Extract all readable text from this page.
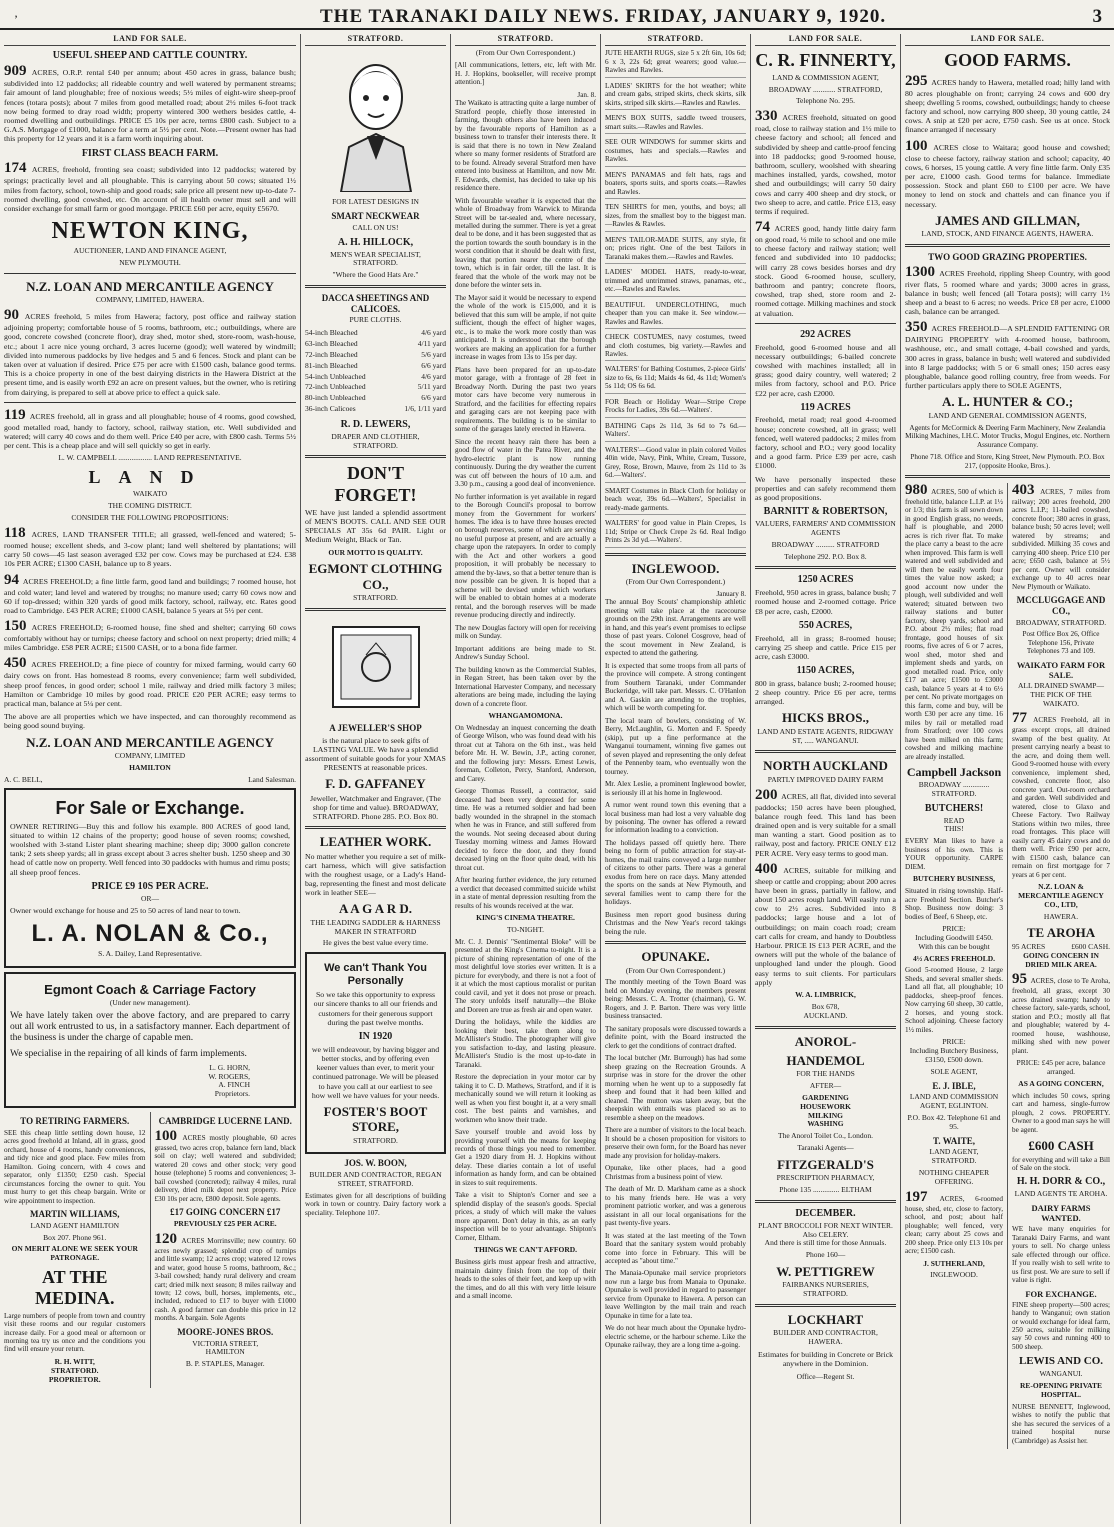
’	THE TARANAKI DAILY NEWS. FRIDAY, JANUARY 9, 1920.	3
LAND FOR SALE.
USEFUL SHEEP AND CATTLE COUNTRY.

909 ACRES, O.R.P. rental £40 per annum; about 450 acres in grass, balance bush; subdivided into 12 paddocks; all rideable country and well watered by permanent streams; fair amount of land ploughable; free of noxious weeds; 5½ miles of eight-wire sheep-proof fences (totara posts); about 7 miles from good metalled road; about 2½ miles 6-foot track now being formed to dray road width; property wintered 300 wethers besides cattle, 4-roomed dwelling and outbuildings. PRICE £5 10s per acre, terms £800 cash. Subject to a G.A.S. Mortgage of £1000, balance for a term at 5½ per cent. Note.—Present owner has had this property for 12 years and it is a farm worth inquiring about.

FIRST CLASS BEACH FARM.

174 ACRES, freehold, fronting sea coast; subdivided into 12 paddocks; watered by springs; practically level and all ploughable. This is carrying about 50 cows; situated 1½ miles from factory, school, town-ship and good roads; sale price all present new up-to-date 7-roomed dwelling, good cowshed, etc. On account of ill health owner must sell and will consider exchange for small farm or good mortgage. PRICE £60 per acre, equity £5670.

NEWTON KING,
AUCTIONEER, LAND AND FINANCE AGENT,
NEW PLYMOUTH.
N.Z. LOAN AND MERCANTILE AGENCY
COMPANY, LIMITED, HAWERA.

90 ACRES freehold, 5 miles from Hawera; factory, post office and railway station adjoining property; comfortable house of 5 rooms, bathroom, etc.; outbuildings, where are good, concrete cowshed (concrete floor), dray shed, motor shed, store-room, wash-house, etc.; about 1 acre nice young orchard, 3 acres lucerne (good); well watered by windmill; divided into numerous paddocks by live hedges and 5 and 6 fences. Stock and plant can be taken over at valuation if desired. Price £75 per acre with £1500 cash, balance good terms. This is a choice property in one of the best dairying districts in the Hawera District at the present time, and is easily worth £92 an acre on present values, but the owner, who is retiring from dairying, is prepared to sell at above price to effect a quick sale.

119 ACRES freehold, all in grass and all ploughable; house of 4 rooms, good cowshed, good metalled road, handy to factory, school, railway station, etc. Well subdivided and watered; will carry 40 cows and do them well. Price £40 per acre, with £800 cash. Terms 5½ per cent. This is a cheap place and will sell quickly so get in early.

L. W. CAMPBELL .................. LAND REPRESENTATIVE.
LAND
WAIKATO
THE COMING DISTRICT.
CONSIDER THE FOLLOWING PROPOSITIONS:

118 ACRES, LAND TRANSFER TITLE; all grassed, well-fenced and watered; 5-roomed house; excellent sheds, and 3-cow plant; land well sheltered by plantations; will carry 50 cows—45 last season averaged £32 per cow. Cows may be purchased at £24. £38 10s PER ACRE; £1300 CASH, balance up to 8 years.

94 ACRES FREEHOLD; a fine little farm, good land and buildings; 7 roomed house, hot and cold water; land level and watered by troughs; no manure used; carry 60 cows now and 60 if top-dressed; within 320 yards of good milk factory, school, railway, etc. Rates good road to Cambridge. £43 PER ACRE; £1000 CASH, balance 5 years at 5½ per cent.

150 ACRES FREEHOLD; 6-roomed house, fine shed and shelter; carrying 60 cows comfortably without hay or turnips; cheese factory and school on next property; dried milk; 4 miles Cambridge. £58 PER ACRE; £1500 CASH, or to a bona fide farmer.

450 ACRES FREEHOLD; a fine piece of country for mixed farming, would carry 60 dairy cows on front. Has homestead 8 rooms, every convenience; farm well subdivided, sheep proof fences, in good order; school 1 mile, railway and dried milk factory 3 miles; Hamilton or Cambridge 10 miles by good road. PRICE £20 PER ACRE; easy terms to practical man, balance at 5¼ per cent.

The above are all properties which we have inspected, and can thoroughly recommend as being good sound buying.

N.Z. LOAN AND MERCANTILE AGENCY
COMPANY, LIMITED
HAMILTON
A. C. BELL,	Land Salesman.
For Sale or Exchange.

OWNER RETIRING—Buy this and follow his example. 800 ACRES of good land, situated to within 12 chains of the property; good house of seven rooms; cowshed, woolshed with 3-stand Lister plant shearing machine; sheep dip; 3000 gallon concrete tank; 2 sets sheep yards; all in grass except about 3 acres shelter bush. 1250 sheep and 30 head of cattle now on property. Well fenced into 30 paddocks with humus and rimu posts; all sheep proof fences.

PRICE £9 10S PER ACRE.
OR—

Owner would exchange for house and 25 to 50 acres of land near to town.

L. A. NOLAN & Co.,
S. A. Dailey, Land Representative.
Egmont Coach & Carriage Factory
(Under new management).

We have lately taken over the above factory, and are prepared to carry out all work entrusted to us, in a satisfactory manner. Each department of the business is under the charge of capable men.

We specialise in the repairing of all kinds of farm implements.

L. G. HORN,
W. ROGERS,
A. FINCH
Proprietors.
TO RETIRING FARMERS.

SEE this cheap little settling down house, 12 acres good freehold at Inland, all in grass, good orchard, house of 4 rooms, handy conveniences, and tidy nice and good place. Few miles from Hamilton. Going concern, with 4 cows and separator, only £1350; £250 cash. Special circumstances forcing the owner to quit. You must hurry to get this cheap bargain. Write or wire appointment to inspection.

MARTIN WILLIAMS,
LAND AGENT HAMILTON
Box 207. Phone 961.
ON MERIT ALONE WE SEEK YOUR PATRONAGE.
AT THE MEDINA.

Large numbers of people from town and country visit these rooms and our regular customers increase daily. For a good meal or afternoon or morning tea try us once and the conditions you find will ensure your return.

R. H. WITT,
STRATFORD.
PROPRIETOR.
CAMBRIDGE LUCERNE LAND.

100 ACRES mostly ploughable, 60 acres grassed, two acres crop, balance fern land, black soil on clay; well watered and subdivided; watered 20 cows and other stock; very good house (telephone) 5 rooms and conveniences; 3-bail cowshed (concreted); railway 4 miles, rural delivery, dried milk depot next property. Price £30 10s per acre, £800 deposit. Sole agents.

£17 GOING CONCERN £17
PREVIOUSLY £25 PER ACRE.

120 ACRES Morrinsville; new country. 60 acres newly grassed; splendid crop of turnips and little swamp; 12 acres crop; watered 12 rows and water, good house 5 rooms, bathroom, &c.; 3-bail cowshed; handy rural delivery and cream cart; dried milk next season; 8 miles railway and town; 12 cows, bull, horses, implements, etc., included, reduced to £17 to buyer with £1000 cash. A good farmer can double this price in 12 months. A bargain. Sole Agents

MOORE-JONES BROS.
VICTORIA STREET,
HAMILTON
B. P. STAPLES, Manager.
STRATFORD.
FOR LATEST DESIGNS IN
SMART NECKWEAR
CALL ON US!
A. H. HILLOCK,
MEN'S WEAR SPECIALIST,
STRATFORD.
"Where the Good Hats Are."
DACCA SHEETINGS AND CALICOES.
PURE CLOTHS.
54-inch Bleached	4/6 yard
63-inch Bleached	4/11 yard
72-inch Bleached	5/6 yard
81-inch Bleached	6/6 yard
54-inch Unbleached	4/6 yard
72-inch Unbleached	5/11 yard
80-inch Unbleached	6/6 yard
36-inch Calicoes	1/6, 1/11 yard
R. D. LEWERS,
DRAPER AND CLOTHIER,
STRATFORD.
DON'T FORGET!

WE have just landed a splendid assortment of MEN'S BOOTS. CALL AND SEE OUR SPECIALS AT 35s 6d PAIR. Light or Medium Weight, Black or Tan.

OUR MOTTO IS QUALITY.
EGMONT CLOTHING CO.,
STRATFORD.
A JEWELLER'S SHOP

is the natural place to seek gifts of LASTING VALUE. We have a splendid assortment of suitable goods for your XMAS PRESENTS at reasonable prices.

F. D. GAFFANEY

Jeweller, Watchmaker and Engraver, (The shop for time and value). BROADWAY, STRATFORD. Phone 285. P.O. Box 80.

LEATHER WORK.

No matter whether you require a set of milk-cart harness, which will give satisfaction with the roughest usage, or a Lady's Hand-bag, representing the finest and most delicate work in leather SEE—

A A G A R D.
THE LEADING SADDLER & HARNESS MAKER IN STRATFORD
He gives the best value every time.
We can't Thank You Personally

So we take this opportunity to express our sincere thanks to all our friends and customers for their generous support during the past twelve months.

IN 1920

we will endeavour, by having bigger and better stocks, and by offering even keener values than ever, to merit your continued patronage. We will be pleased to have you call at our earliest to see how well we have values for your needs.

FOSTER'S BOOT STORE,
STRATFORD.
JOS. W. BOON,
BUILDER AND CONTRACTOR, REGAN STREET, STRATFORD.

Estimates given for all descriptions of building work in town or country. Dairy factory work a speciality. Telephone 107.

STRATFORD.
(From Our Own Correspondent.)

[All communications, letters, etc, left with Mr. H. J. Hopkins, bookseller, will receive prompt attention.]

Jan. 8.

The Waikato is attracting quite a large number of Stratford people, chiefly those interested in farming, though others also have been induced by the favourable reports of Hamilton as a business town to transfer their interests there. It is said that there is no town in New Zealand where so many former residents of Stratford are to be found. Already several Stratford men have entered into business at Hamilton, and now Mr. F. Edwards, chemist, has decided to take up his residence there.

With favourable weather it is expected that the whole of Broadway from Warwick to Miranda Street will be tar-sealed and, where necessary, metalled during the summer. There is yet a great deal to be done, and it has been suggested that as the portion towards the south boundary is in the worst condition that it should be dealt with first, leaving that portion nearer the centre of the town, which is in fair order, till the last. It is feared that the whole of the work may not be done before the winter sets in.

The Mayor said it would be necessary to expend the whole of the work is £15,000, and it is believed that this sum will be ample, if not quite sufficient, though the effect of higher wages, etc., is to make the work more costly than was anticipated. It is understood that the borough workers are making an application for a further increase in wages from 13s to 15s per day.

Plans have been prepared for an up-to-date motor garage, with a frontage of 28 feet in Broadway North. During the past two years motor cars have become very numerous in Stratford, and the facilities for effecting repairs and garaging cars are not keeping pace with requirements. The building is to be similar to some of the garages lately erected in Hawera.

Since the recent heavy rain there has been a good flow of water in the Patea River, and the hydro-electric plant is now running continuously. During the dry weather the current was cut off between the hours of 10 a.m. and 3.30 p.m., causing a good deal of inconvenience.

No further information is yet available in regard to the Borough Council's proposal to borrow money from the Government for workers' homes. The idea is to have three houses erected on borough reserves, some of which are serving no useful purpose at present, and are actually a charge upon the ratepayers. In order to comply with the Act and other workers a good proposition, it will probably be necessary to amend the by-laws, so that a better tenure than is now possible can be given. It is hoped that a scheme will be devised under which workers will be enabled to obtain homes at a moderate rental, and the borough reserves will be made revenue producing directly and indirectly.

The new Douglas factory will open for receiving milk on Sunday.

Important additions are being made to St. Andrew's Sunday School.

The building known as the Commercial Stables, in Regan Street, has been taken over by the International Harvester Company, and necessary alterations are being made, including the laying down of a concrete floor.

WHANGAMOMONA.

On Wednesday an inquest concerning the death of George Wilson, who was found dead with his throat cut at Tahora on the 6th inst., was held before Mr. H. W. Bewin, J.P., acting coroner, and the following jury: Messrs. Ernest Lewis, foreman, Colleton, Percy, Stanford, Anderson, and Carey.

George Thomas Russell, a contractor, said deceased had been very depressed for some time. He was a returned soldier and had been badly wounded in the shrapnel in the stomach when he was in France, and still suffered from the wounds. Not seeing deceased about during Tuesday morning witness and James Howard decided to force the door, and they found deceased lying on the floor quite dead, with his throat cut.

After hearing further evidence, the jury returned a verdict that deceased committed suicide whilst in a state of mental depression resulting from the results of his wounds received at the war.

KING'S CINEMA THEATRE.
TO-NIGHT.

Mr. C. J. Dennis' "Sentimental Bloke" will be presented at the King's Cinema to-night. It is a picture of shining representation of one of the most delightful love stories ever written. It is a picture for everybody, and there is not a foot of it at which the most captious moralist or puritan could cavil, and yet it does not prose or preach. The story unfolds itself naturally—the Bloke and Doreen are true as fresh air and open water.

During the holidays, while the kiddies are looking their best, take them along to McAllister's Studio. The photographer will give you satisfaction to-day, and lasting pleasure. McAllister's Studio is the most up-to-date in Taranaki.

Restore the depreciation in your motor car by taking it to C. D. Mathews, Stratford, and if it is mechanically sound we will return it looking as well as when you first bought it, at a very small cost. The best paints and varnishes, and workmen who know their trade.

Save yourself trouble and avoid loss by providing yourself with the means for keeping records of those things you need to remember. Get a 1920 diary from H. J. Hopkins without delay. These diaries contain a lot of useful information as handy form, and can be obtained in sizes to suit requirements.

Take a visit to Shipton's Corner and see a splendid display of the season's goods. Special prices, a study of which will make the values more apparent. Don't delay in this, as an early inspection will be to your advantage. Shipton's Corner, Eltham.

THINGS WE CAN'T AFFORD.

Business girls must appear fresh and attractive, maintain dainty finish from the top of their heads to the soles of their feet, and keep up with the times, and do all this with very little leisure and a small income.

STRATFORD.

JUTE HEARTH RUGS, size 5 x 2ft 6in, 10s 6d; 6 x 3, 22s 6d; great wearers; good value.—Rawles and Rawles.

LADIES' SKIRTS for the hot weather; white and cream gabs, striped skirts, check skirts, silk skirts, striped silk skirts.—Rawles and Rawles.

MEN'S BOX SUITS, saddle tweed trousers, smart suits.—Rawles and Rawles.

SEE OUR WINDOWS for summer skirts and costumes, hats and specials.—Rawles and Rawles.

MEN'S PANAMAS and felt hats, rags and boaters, sports suits, and sports coats.—Rawles and Rawles.

TEN SHIRTS for men, youths, and boys; all sizes, from the smallest boy to the biggest man.—Rawles & Rawles.

MEN'S TAILOR-MADE SUITS, any style, fit on; prices right. One of the best Tailors in Taranaki makes them.—Rawles and Rawles.

LADIES' MODEL HATS, ready-to-wear, trimmed and untrimmed straws, panamas, etc., etc.—Rawles and Rawles.

BEAUTIFUL UNDERCLOTHING, much cheaper than you can make it. See window.—Rawles and Rawles.

CHECK COSTUMES, navy costumes, tweed and cloth costumes, big variety.—Rawles and Rawles.

WALTERS' for Bathing Costumes, 2-piece Girls' size to 6s, 6s 11d; Maids 4s 6d, 4s 11d; Women's 5s 11d; OS 6s 6d.

FOR Beach or Holiday Wear—Stripe Crepe Frocks for Ladies, 39s 6d.—Walters'.

BATHING Caps 2s 11d, 3s 6d to 7s 6d.—Walters'.

WALTERS'—Good value in plain colored Voiles 40in wide, Navy, Pink, White, Cream, Tussore, Grey, Rose, Brown, Mauve, from 2s 11d to 3s 6d.—Walters'.

SMART Costumes in Black Cloth for holiday or beach wear, 39s 6d.—Walters', Specialist in ready-made garments.

WALTERS' for good value in Plain Crepes, 1s 11d; Stripe or Check Crepe 2s 6d. Real Indigo Prints 2s 3d yd.—Walters'.

INGLEWOOD.
(From Our Own Correspondent.)
January 8.

The annual Boy Scouts' championship athletic meeting will take place at the racecourse grounds on the 29th inst. Arrangements are well in hand, and this year's event promises to eclipse those of past years. Colonel Cosgrove, head of the scout movement in New Zealand, is expected to attend the gathering.

It is expected that some troops from all parts of the province will compete. A strong contingent from Southern Taranaki, under Commander Buckeridge, will take part. Messrs. C. O'Hanlon and A. Gaskin are attending to the trophies, which will be worth competing for.

The local team of bowlers, consisting of W. Berry, McLaughlin, G. Morten and F. Speedy (skip), put up a fine performance at the Wanganui tournament, winning five games out of seven played and representing the only defeat of the Pennenby team, who eventually won the tourney.

Mr. Alex Leslie, a prominent Inglewood bowler, is seriously ill at his home in Inglewood.

A rumor went round town this evening that a local business man had lost a very valuable dog by poisoning. The owner has offered a reward for information leading to a conviction.

The holidays passed off quietly here. There being no form of public attraction for stay-at-homes, the mail trains conveyed a large number of citizens to other parts. There was a general exodus from here on race days. Many attended the sports on the sands at New Plymouth, and several families went to camp there for the holidays.

Business men report good business during Christmas and the New Year's record takings being the rule.

OPUNAKE.
(From Our Own Correspondent.)

The monthly meeting of the Town Board was held on Monday evening, the members present being: Messrs. C. A. Trotter (chairman), G. W. Rogers, and J. P. Barton. There was very little business transacted.

The sanitary proposals were discussed towards a definite point, with the Board instructed the clerk to get the conditions of contract drafted.

The local butcher (Mr. Burrough) has had some sheep grazing on the Recreation Grounds. A surprise was in store for the drover the other morning when he went up to a supposedly fat sheep and found that it had been killed and cleaned. The mutton was taken away, but the sheepskin with entrails was placed so as to resemble a sheep on the meadows.

There are a number of visitors to the local beach. It should be a chosen proposition for visitors to preserve their own form, for the Board has never made any provision for holiday-makers.

Opunake, like other places, had a good Christmas from a business point of view.

The death of Mr. D. Markham came as a shock to his many friends here. He was a very prominent patriotic worker, and was a generous assistant in all our local organisations for the past twenty-five years.

It was stated at the last meeting of the Town Board that the sanitary system would probably come into force in February. This will be accepted as "about time."

The Manaia-Opunake mail service proprietors now run a large bus from Manaia to Opunake. Opunake is well provided in regard to passenger service from Opunake to Hawera. A person can leave Wellington by the mail train and reach Opunake in time for a late tea.

We do not hear much about the Opunake hydro-electric scheme, or the harbour scheme. Like the Opunake railway, they are a long time a-going.

LAND FOR SALE.
C. R. FINNERTY,
LAND & COMMISSION AGENT,
BROADWAY ............ STRATFORD,
Telephone No. 295.

330 ACRES freehold, situated on good road, close to railway station and 1½ mile to cheese factory and school; all fenced and subdivided by sheep and cattle-proof fencing into 18 paddocks; good 9-roomed house, bathroom, scullery, woolshed with shearing machines installed, yards, cowshed, motor shed and outbuildings; will carry 50 dairy cows and carry 400 sheep and dry stock, or two sheep to acre, and cattle. Price £13, easy terms if required.

74 ACRES good, handy little dairy farm on good road, ½ mile to school and one mile to cheese factory and railway station; well fenced and subdivided into 10 paddocks; will carry 28 cows besides horses and dry stock. Good 6-roomed house, scullery, bathroom and pantry; concrete floors, cowshed, trap shed, store room and 2-roomed cottage. Milking machines and stock at valuation.

292 ACRES

Freehold, good 6-roomed house and all necessary outbuildings; 6-bailed concrete cowshed with machines installed; all in grass; good dairy country, well watered; 2 miles from factory, school and P.O. Price £22 per acre, cash £2000.

119 ACRES

Freehold, metal road; real good 4-roomed house; concrete cowshed, all in grass; well fenced, well watered paddocks; 2 miles from factory, school and P.O.; very good locality and a good farm. Price £39 per acre, cash £1000.

We have personally inspected these properties and can safely recommend them as good propositions.

BARNITT & ROBERTSON,
VALUERS, FARMERS' AND COMMISSION AGENTS
BROADWAY .......... STRATFORD
Telephone 292. P.O. Box 8.
1250 ACRES

Freehold, 950 acres in grass, balance bush; 7 roomed house and 2-roomed cottage. Price £8 per acre, cash, £2000.

550 ACRES,

Freehold, all in grass; 8-roomed house; carrying 25 sheep and cattle. Price £15 per acre, cash £3000.

1150 ACRES,

800 in grass, balance bush; 2-roomed house; 2 sheep country. Price £6 per acre, terms arranged.

HICKS BROS.,
LAND AND ESTATE AGENTS, RIDGWAY ST, ..... WANGANUI.
NORTH AUCKLAND
PARTLY IMPROVED DAIRY FARM

200 ACRES, all flat, divided into several paddocks; 150 acres have been ploughed, balance rough feed. This land has been drained open and is very suitable for a small man wanting a start. Good position as to railway, post and factory. PRICE ONLY £12 PER ACRE. Very easy terms to good man.

400 ACRES, suitable for milking and sheep or cattle and cropping; about 200 acres have been in grass, partially in fallow, and about 150 acres rough land. Will easily run a cow to 2½ acres. Subdivided into 8 paddocks; large house and a lot of outbuildings; on main coach road; cream cart calls for cream, and handy to Doubtless Harbour. PRICE IS £13 PER ACRE, and the owners will put the whole of the balance of unploughed land under the plough. Good easy terms to suit clients. For particulars apply

W. A. LIMBRICK,
Box 678,
AUCKLAND.
ANOROL-
HANDEMOL
FOR THE HANDS
AFTER—
GARDENING
HOUSEWORK
MILKING
WASHING
The Anorol Toilet Co., London.
Taranaki Agents—
FITZGERALD'S
PRESCRIPTION PHARMACY,
Phone 135 .............. ELTHAM
DECEMBER.
PLANT BROCCOLI FOR NEXT WINTER.
Also CELERY.
And there is still time for those Annuals.
Phone 160—
W. PETTIGREW
FAIRBANKS NURSERIES,
STRATFORD.
LOCKHART
BUILDER AND CONTRACTOR,
HAWERA.

Estimates for building in Concrete or Brick anywhere in the Dominion.

Office—Regent St.
LAND FOR SALE.
GOOD FARMS.

295 ACRES handy to Hawera, metalled road; hilly land with 80 acres ploughable on front; carrying 24 cows and 600 dry sheep; dwelling 5 rooms, cowshed, outbuildings; handy to cheese factory and school, now carrying 800 sheep, 30 young cattle, 24 cows. A snip at £20 per acre, £750 cash. See us at once. Stock finance arranged if necessary

100 ACRES close to Waitara; good house and cowshed; close to cheese factory, railway station and school; capacity, 40 cows, 6 horses, 15 young cattle. A very fine little farm. Only £35 per acre, £1000 cash. Good terms for balance. Immediate possession. Stock and plant £60 to £100 per acre. We have money to lend on stock and chattels and can finance you if necessary.

JAMES AND GILLMAN,
LAND, STOCK, AND FINANCE AGENTS, HAWERA.
TWO GOOD GRAZING PROPERTIES.

1300 ACRES Freehold, rippling Sheep Country, with good river flats, 5 roomed whare and yards; 3000 acres in grass, balance in bush; well fenced (all Totara posts); will carry 1½ sheep and a beast to 6 acres; no weeds. Price £8 per acre, £1000 cash, balance can be arranged.

350 ACRES FREEHOLD—A SPLENDID FATTENING OR DAIRYING PROPERTY with 4-roomed house, bathroom, washhouse, etc., and small cottage, 4-bail cowshed and yards, 300 acres in grass, balance in bush; well watered and subdivided into 8 large paddocks; with 5 or 6 small ones; 150 acres easy ploughable, balance good rolling country, free from weeds. For further particulars apply there to SOLE AGENTS,

A. L. HUNTER & CO.;
LAND AND GENERAL COMMISSION AGENTS,

Agents for McCormick & Deering Farm Machinery, New Zealandia Milking Machines, I.H.C. Motor Trucks, Mogul Engines, etc. Northern Assurance Company.

Phone 718. Office and Store, King Street, New Plymouth. P.O. Box 217, (opposite Hooke, Bros.).

980 ACRES, 500 of which is freehold title, balance L.I.P. at 1½ or 1/3; this farm is all sown down in good English grass, no weeds, half is ploughable, and 2000 acres is rich river flat. To make the place carry a beast to the acre when improved. This farm is well watered and well subdivided and will then be easily worth four times the value now asked; a good account now under the plough, well subdivided and well watered; situated between two railway stations and butter factory, sheep yards, school and P.O. about 2½ miles; flat road frontage, good houses of six rooms, five acres of 6 or 7 acres, wool shed, motor shed and implement sheds and yards, on good metalled road. Price, only £17 an acre; £1500 to £3000 cash, balance 5 years at 4 to 6½ per cent. No private mortgages on this farm, come and buy, will be worth £30 per acre any time. 16 miles by rail or metalled road from Stratford; over 100 cows have been milked on this farm; cowshed and milking machine are already installed.

Campbell Jackson
BROADWAY .............. STRATFORD.
BUTCHERS!
READ
THIS!

EVERY Man likes to have a business of his own. This is YOUR opportunity. CARPE DIEM.

BUTCHERY BUSINESS,

Situated in rising township. Half-acre Freehold Section. Butcher's Shop. Business now doing: 3 bodies of Beef, 6 Sheep, etc.

PRICE:
Including Goodwill £450.
With this can be bought
4½ ACRES FREEHOLD.

Good 5-roomed House, 2 large Sheds, and several smaller sheds. Land all flat, all ploughable; 10 paddocks, sheep-proof fences. Now carrying 60 sheep, 30 cattle, 2 horses, and young stock. School adjoining. Cheese factory 1½ miles.

PRICE:
Including Butchery Business, £3150, £500 down.
SOLE AGENT,
E. J. IBLE,
LAND AND COMMISSION AGENT, EGLINTON.
P.O. Box 42. Telephone 61 and 95.
T. WAITE,
LAND AGENT,
STRATFORD.
NOTHING CHEAPER OFFERING.

197 ACRES, 6-roomed house, shed, etc, close to factory, school, and post; about half ploughable; well fenced, very clean; carry about 25 cows and 200 sheep. Price only £13 10s per acre; £1500 cash.

J. SUTHERLAND,
INGLEWOOD.

403 ACRES, 7 miles from railway; 200 acres freehold, 200 acres L.I.P.; 11-bailed cowshed, concrete floor; 380 acres in grass, balance bush; 50 acres level; well watered by streams; and subdivided. Milking 35 cows and carrying 400 sheep. Price £10 per acre; £650 cash, balance at 5½ per cent. Owner will consider exchange up to 40 acres near New Plymouth or Waikato.

MCCLUGGAGE AND CO.,
BROADWAY, STRATFORD.

Post Office Box 26, Office Telephone 156, Private Telephones 73 and 109.

WAIKATO FARM FOR SALE.
ALL DRAINED SWAMP—THE PICK OF THE WAIKATO.

77 ACRES Freehold, all in grass except crops, all drained swamp of the best quality. At present carrying nearly a beast to the acre, and doing them well. Good 9-roomed house with every convenience, implement shed, cowshed, concrete floor, also concrete yard. Out-room orchard and garden. Well subdivided and watered, close to Glaxo and Cheese Factory. Two Railway Stations within two miles, three road frontages. This place will easily carry 45 dairy cows and do them well. Price £90 per acre, with £1500 cash, balance can remain on first mortgage for 7 years at 6 per cent.

N.Z. LOAN & MERCANTILE AGENCY CO., LTD,
HAWERA.
TE AROHA
95 ACRES	£600 CASH.
GOING CONCERN IN DRIED MILK AREA.

95 ACRES, close to Te Aroha, freehold, all grass, except 30 acres drained swamp; handy to cheese factory, sale-yards, school, station and P.O.; mostly all flat and ploughable; watered by 4-roomed house, washhouse, milking shed with new power plant.

PRICE: £45 per acre, balance arranged.
AS A GOING CONCERN,

which includes 50 cows, spring cart and harness, single-furrow plough, 2 cows. PROPERTY. Owner to a good man says he will be agent.

£600 CASH

for everything and will take a Bill of Sale on the stock.

H. H. DORR & CO.,
LAND AGENTS TE AROHA.
DAIRY FARMS WANTED.

WE have many enquiries for Taranaki Dairy Farms, and want yours to sell. No charge unless sale effected through our office. If you really wish to sell write to us first post. We are sure to sell if value is right.

FOR EXCHANGE.

FINE sheep property—500 acres; handy to Wanganui; own station or would exchange for ideal farm, 250 acres, suitable for milking say 50 cows and running 400 to 500 sheep.

LEWIS AND CO.
WANGANUI.
RE-OPENING PRIVATE HOSPITAL.

NURSE BENNETT, Inglewood, wishes to notify the public that she has secured the services of a trained hospital nurse (Cambridge) as Assist her.
